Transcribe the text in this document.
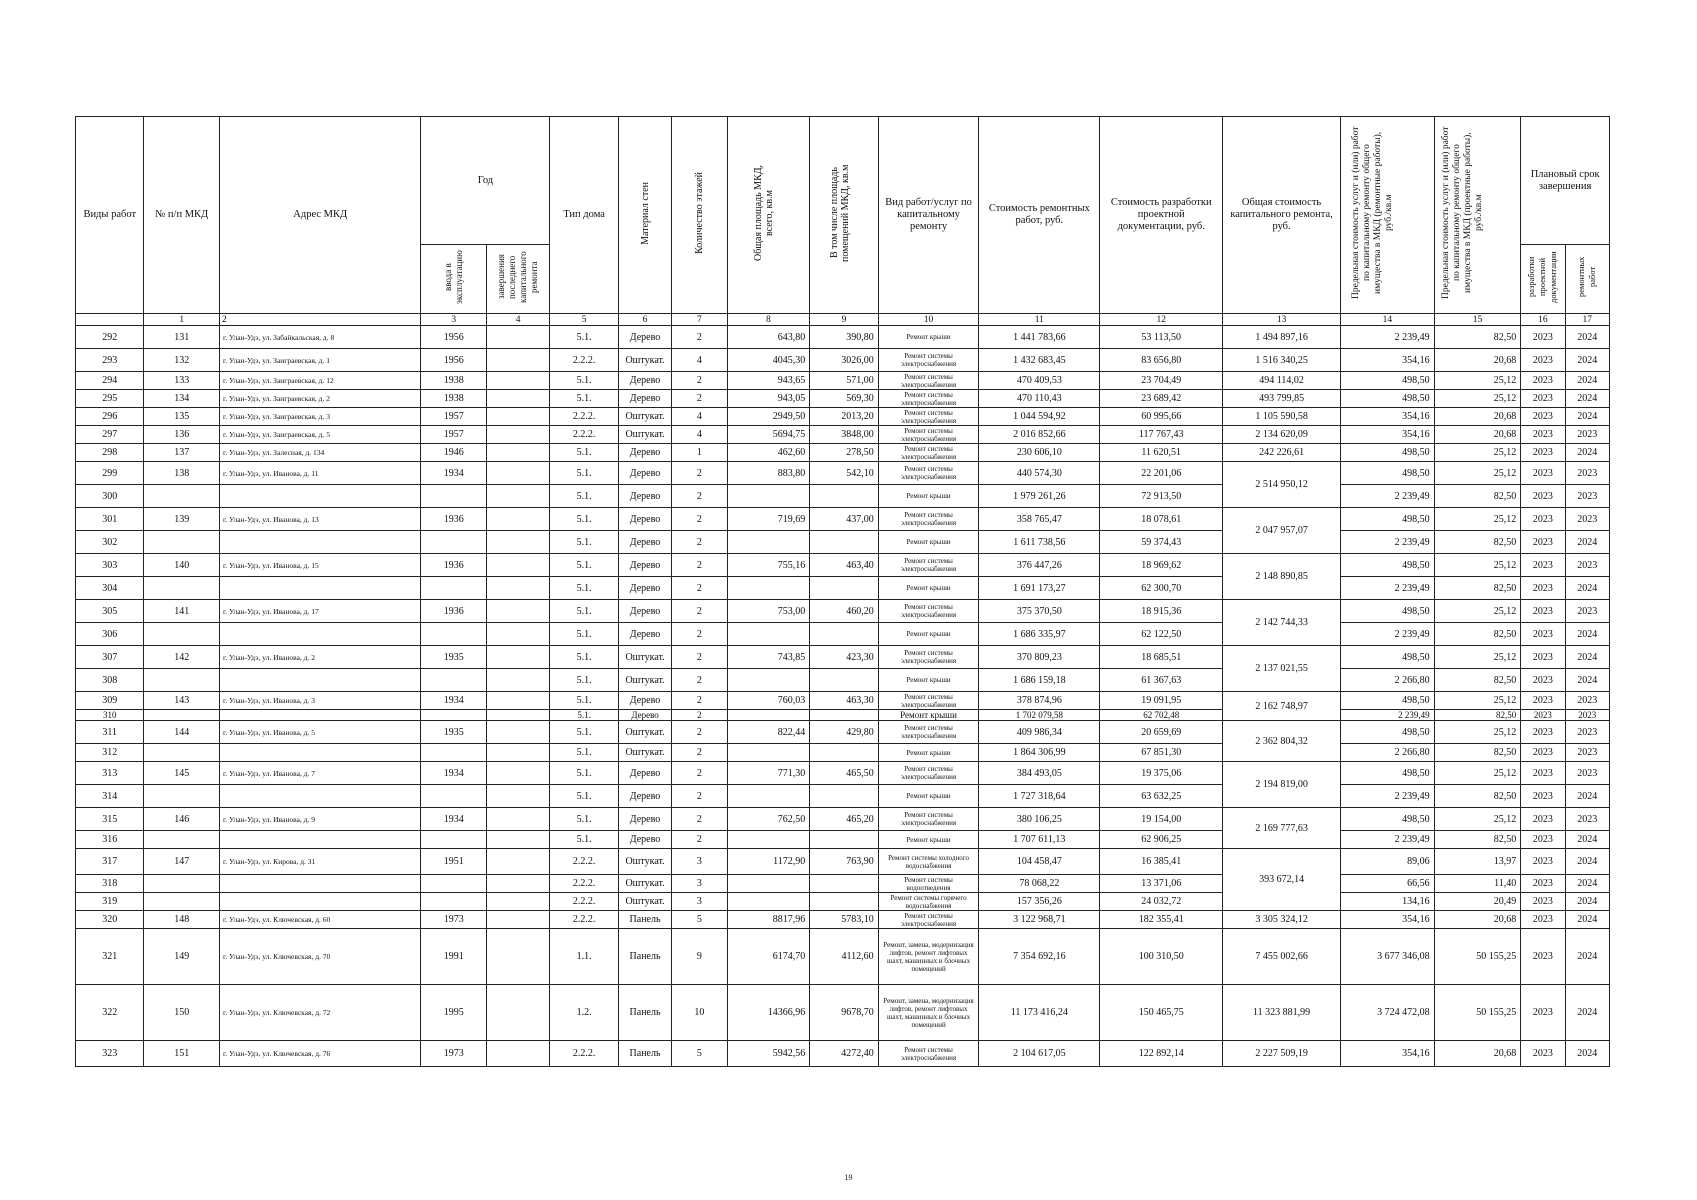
Виды работ	№ п/п МКД	Адрес МКД	Год		Тип дома	Материал стен	Количество этажей	Общая площадь МКД, всего, кв.м	В том числе площадь помещений МКД, кв.м	Вид работ/услуг по капитальному ремонту	Стоимость ремонтных работ, руб.	Стоимость разработки проектной документации, руб.	Общая стоимость капитального ремонта, руб.	Предельная стоимость услуг и (или) работ по капитальному ремонту общего имущества в МКД (ремонтные работы), руб./кв.м	Предельная стоимость услуг и (или) работ по капитальному ремонту общего имущества в МКД (проектные работы), руб./кв.м	Плановый срок завершения	
			ввода в эксплуатацию	завершения последнего капитального ремонта												разработки проектной документации	ремонтных работ
	1	2	3	4	5	6	7	8	9	10	11	12	13	14	15	16	17
292	131	г. Улан-Удэ, ул. Забайкальская, д. 8	1956		5.1.	Дерево	2	643,80	390,80	Ремонт крыши	1 441 783,66	53 113,50	1 494 897,16	2 239,49	82,50	2023	2024
293	132	г. Улан-Удэ, ул. Заиграевская, д. 1	1956		2.2.2.	Оштукат.	4	4045,30	3026,00	Ремонт системы электроснабжения	1 432 683,45	83 656,80	1 516 340,25	354,16	20,68	2023	2024
294	133	г. Улан-Удэ, ул. Заиграевская, д. 12	1938		5.1.	Дерево	2	943,65	571,00	Ремонт системы электроснабжения	470 409,53	23 704,49	494 114,02	498,50	25,12	2023	2024
295	134	г. Улан-Удэ, ул. Заиграевская, д. 2	1938		5.1.	Дерево	2	943,05	569,30	Ремонт системы электроснабжения	470 110,43	23 689,42	493 799,85	498,50	25,12	2023	2024
296	135	г. Улан-Удэ, ул. Заиграевская, д. 3	1957		2.2.2.	Оштукат.	4	2949,50	2013,20	Ремонт системы электроснабжения	1 044 594,92	60 995,66	1 105 590,58	354,16	20,68	2023	2024
297	136	г. Улан-Удэ, ул. Заиграевская, д. 5	1957		2.2.2.	Оштукат.	4	5694,75	3848,00	Ремонт системы электроснабжения	2 016 852,66	117 767,43	2 134 620,09	354,16	20,68	2023	2023
298	137	г. Улан-Удэ, ул. Залесная, д. 134	1946		5.1.	Дерево	1	462,60	278,50	Ремонт системы электроснабжения	230 606,10	11 620,51	242 226,61	498,50	25,12	2023	2024
299	138	г. Улан-Удэ, ул. Иванова, д. 11	1934		5.1.	Дерево	2	883,80	542,10	Ремонт системы электроснабжения	440 574,30	22 201,06	2 514 950,12	498,50	25,12	2023	2023
300					5.1.	Дерево	2			Ремонт крыши	1 979 261,26	72 913,50		2 239,49	82,50	2023	2023
301	139	г. Улан-Удэ, ул. Иванова, д. 13	1936		5.1.	Дерево	2	719,69	437,00	Ремонт системы электроснабжения	358 765,47	18 078,61	2 047 957,07	498,50	25,12	2023	2023
302					5.1.	Дерево	2			Ремонт крыши	1 611 738,56	59 374,43		2 239,49	82,50	2023	2024
303	140	г. Улан-Удэ, ул. Иванова, д. 15	1936		5.1.	Дерево	2	755,16	463,40	Ремонт системы электроснабжения	376 447,26	18 969,62	2 148 890,85	498,50	25,12	2023	2023
304					5.1.	Дерево	2			Ремонт крыши	1 691 173,27	62 300,70		2 239,49	82,50	2023	2024
305	141	г. Улан-Удэ, ул. Иванова, д. 17	1936		5.1.	Дерево	2	753,00	460,20	Ремонт системы электроснабжения	375 370,50	18 915,36	2 142 744,33	498,50	25,12	2023	2023
306					5.1.	Дерево	2			Ремонт крыши	1 686 335,97	62 122,50		2 239,49	82,50	2023	2024
307	142	г. Улан-Удэ, ул. Иванова, д. 2	1935		5.1.	Оштукат.	2	743,85	423,30	Ремонт системы электроснабжения	370 809,23	18 685,51	2 137 021,55	498,50	25,12	2023	2024
308					5.1.	Оштукат.	2			Ремонт крыши	1 686 159,18	61 367,63		2 266,80	82,50	2023	2024
309	143	г. Улан-Удэ, ул. Иванова, д. 3	1934		5.1.	Дерево	2	760,03	463,30	Ремонт системы электроснабжения	378 874,96	19 091,95	2 162 748,97	498,50	25,12	2023	2023
310					5.1.	Дерево	2			Ремонт крыши	1 702 079,58	62 702,48		2 239,49	82,50	2023	2023
311	144	г. Улан-Удэ, ул. Иванова, д. 5	1935		5.1.	Оштукат.	2	822,44	429,80	Ремонт системы электроснабжения	409 986,34	20 659,69	2 362 804,32	498,50	25,12	2023	2023
312					5.1.	Оштукат.	2			Ремонт крыши	1 864 306,99	67 851,30		2 266,80	82,50	2023	2023
313	145	г. Улан-Удэ, ул. Иванова, д. 7	1934		5.1.	Дерево	2	771,30	465,50	Ремонт системы электроснабжения	384 493,05	19 375,06	2 194 819,00	498,50	25,12	2023	2023
314					5.1.	Дерево	2			Ремонт крыши	1 727 318,64	63 632,25		2 239,49	82,50	2023	2024
315	146	г. Улан-Удэ, ул. Иванова, д. 9	1934		5.1.	Дерево	2	762,50	465,20	Ремонт системы электроснабжения	380 106,25	19 154,00	2 169 777,63	498,50	25,12	2023	2023
316					5.1.	Дерево	2			Ремонт крыши	1 707 611,13	62 906,25		2 239,49	82,50	2023	2024
317	147	г. Улан-Удэ, ул. Кирова, д. 31	1951		2.2.2.	Оштукат.	3	1172,90	763,90	Ремонт системы холодного водоснабжения	104 458,47	16 385,41	393 672,14	89,06	13,97	2023	2024
318					2.2.2.	Оштукат.	3			Ремонт системы водоотведения	78 068,22	13 371,06		66,56	11,40	2023	2024
319					2.2.2.	Оштукат.	3			Ремонт системы горячего водоснабжения	157 356,26	24 032,72		134,16	20,49	2023	2024
320	148	г. Улан-Удэ, ул. Ключевская, д. 60	1973		2.2.2.	Панель	5	8817,96	5783,10	Ремонт системы электроснабжения	3 122 968,71	182 355,41	3 305 324,12	354,16	20,68	2023	2024
321	149	г. Улан-Удэ, ул. Ключевская, д. 70	1991		1.1.	Панель	9	6174,70	4112,60	Ремонт, замена, модернизация лифтов, ремонт лифтовых шахт, машинных и блочных помещений	7 354 692,16	100 310,50	7 455 002,66	3 677 346,08	50 155,25	2023	2024
322	150	г. Улан-Удэ, ул. Ключевская, д. 72	1995		1.2.	Панель	10	14366,96	9678,70	Ремонт, замена, модернизация лифтов, ремонт лифтовых шахт, машинных и блочных помещений	11 173 416,24	150 465,75	11 323 881,99	3 724 472,08	50 155,25	2023	2024
323	151	г. Улан-Удэ, ул. Ключевская, д. 76	1973		2.2.2.	Панель	5	5942,56	4272,40	Ремонт системы электроснабжения	2 104 617,05	122 892,14	2 227 509,19	354,16	20,68	2023	2024
19
